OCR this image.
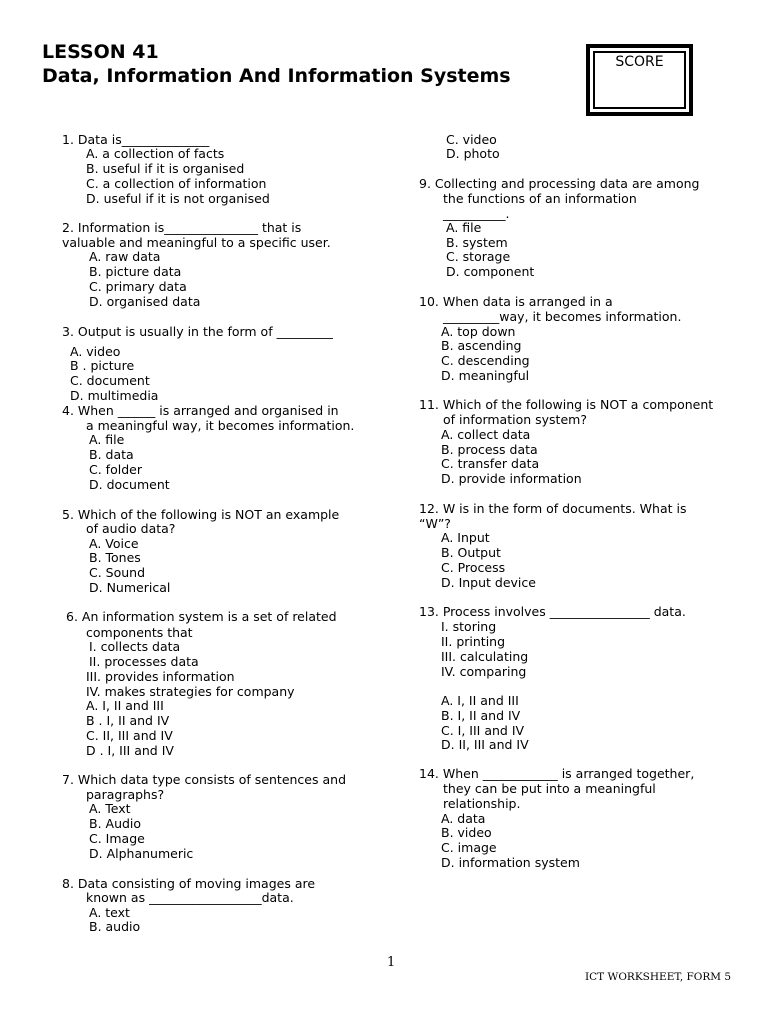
LESSON 41
Data, Information And Information Systems
SCORE
1. Data is______________
A. a collection of facts
B. useful if it is organised
C. a collection of information
D. useful if it is not organised
2. Information is_______________ that is
valuable and meaningful to a specific user.
A. raw data
B. picture data
C. primary data
D. organised data
3. Output is usually in the form of _________
A. video
B . picture
C. document
D. multimedia
4. When ______ is arranged and organised in
a meaningful way, it becomes information.
A. file
B. data
C. folder
D. document
5. Which of the following is NOT an example
of audio data?
A. Voice
B. Tones
C. Sound
D. Numerical
6. An information system is a set of related
components that
I. collects data
II. processes data
III. provides information
IV. makes strategies for company
A. I, II and III
B . I, II and IV
C. II, III and IV
D . I, III and IV
7. Which data type consists of sentences and
paragraphs?
A. Text
B. Audio
C. Image
D. Alphanumeric
8. Data consisting of moving images are
known as __________________data.
A. text
B. audio
C. video
D. photo
9. Collecting and processing data are among
the functions of an information
__________.
A. file
B. system
C. storage
D. component
10. When data is arranged in a
_________way, it becomes information.
A. top down
B. ascending
C. descending
D. meaningful
11. Which of the following is NOT a component
of information system?
A. collect data
B. process data
C. transfer data
D. provide information
12. W is in the form of documents. What is
“W”?
A. Input
B. Output
C. Process
D. Input device
13. Process involves ________________ data.
I. storing
II. printing
III. calculating
IV. comparing
A. I, II and III
B. I, II and IV
C. I, III and IV
D. II, III and IV
14. When ____________ is arranged together,
they can be put into a meaningful
relationship.
A. data
B. video
C. image
D. information system
1
ICT WORKSHEET, FORM 5
